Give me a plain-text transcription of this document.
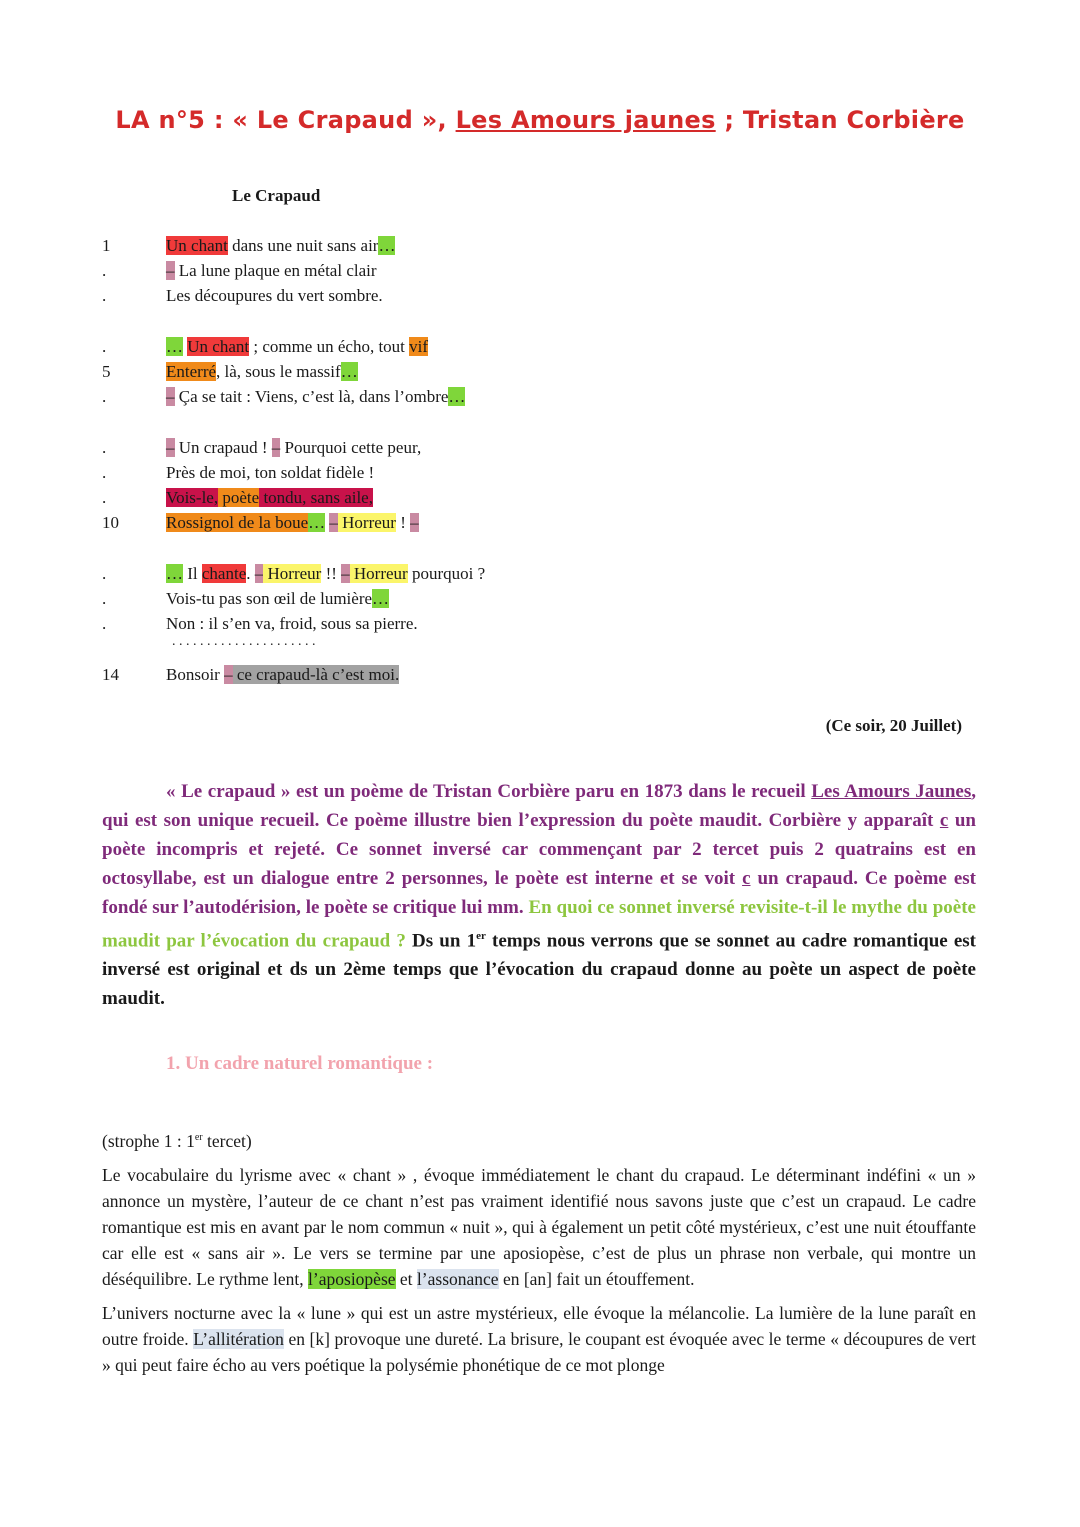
LA n°5 : « Le Crapaud », Les Amours jaunes ; Tristan Corbière
Le Crapaud
1	Un chant dans une nuit sans air…
.	– La lune plaque en métal clair
.	Les découpures du vert sombre.
.	… Un chant ; comme un écho, tout vif
5	Enterré, là, sous le massif…
.	– Ça se tait : Viens, c’est là, dans l’ombre…
.	– Un crapaud ! – Pourquoi cette peur,
.	Près de moi, ton soldat fidèle !
.	Vois-le, poète tondu, sans aile,
10	Rossignol de la boue… – Horreur ! –
.	… Il chante. – Horreur !! – Horreur pourquoi ?
.	Vois-tu pas son œil de lumière…
.	Non : il s’en va, froid, sous sa pierre.
. . . . . . . . . . . . . . . . . . . . .
14	Bonsoir – ce crapaud-là c’est moi.
(Ce soir, 20 Juillet)
« Le crapaud » est un poème de Tristan Corbière paru en 1873 dans le recueil Les Amours Jaunes, qui est son unique recueil. Ce poème illustre bien l’expression du poète maudit. Corbière y apparaît c un poète incompris et rejeté. Ce sonnet inversé car commençant par 2 tercet puis 2 quatrains est en octosyllabe, est un dialogue entre 2 personnes, le poète est interne et se voit c un crapaud. Ce poème est fondé sur l’autodérision, le poète se critique lui mm. En quoi ce sonnet inversé revisite-t-il le mythe du poète maudit par l’évocation du crapaud ? Ds un 1er temps nous verrons que se sonnet au cadre romantique est inversé est original et ds un 2ème temps que l’évocation du crapaud donne au poète un aspect de poète maudit.
1. Un cadre naturel romantique :

(strophe 1 : 1er tercet)

Le vocabulaire du lyrisme avec « chant » , évoque immédiatement le chant du crapaud. Le déterminant indéfini « un » annonce un mystère, l’auteur de ce chant n’est pas vraiment identifié nous savons juste que c’est un crapaud. Le cadre romantique est mis en avant par le nom commun « nuit », qui à également un petit côté mystérieux, c’est une nuit étouffante car elle est « sans air ». Le vers se termine par une aposiopèse, c’est de plus un phrase non verbale, qui montre un déséquilibre. Le rythme lent, l’aposiopèse et l’assonance en [an] fait un étouffement.

L’univers nocturne avec la « lune » qui est un astre mystérieux, elle évoque la mélancolie. La lumière de la lune paraît en outre froide. L’allitération en [k] provoque une dureté. La brisure, le coupant est évoquée avec le terme « découpures de vert » qui peut faire écho au vers poétique la polysémie phonétique de ce mot plonge
